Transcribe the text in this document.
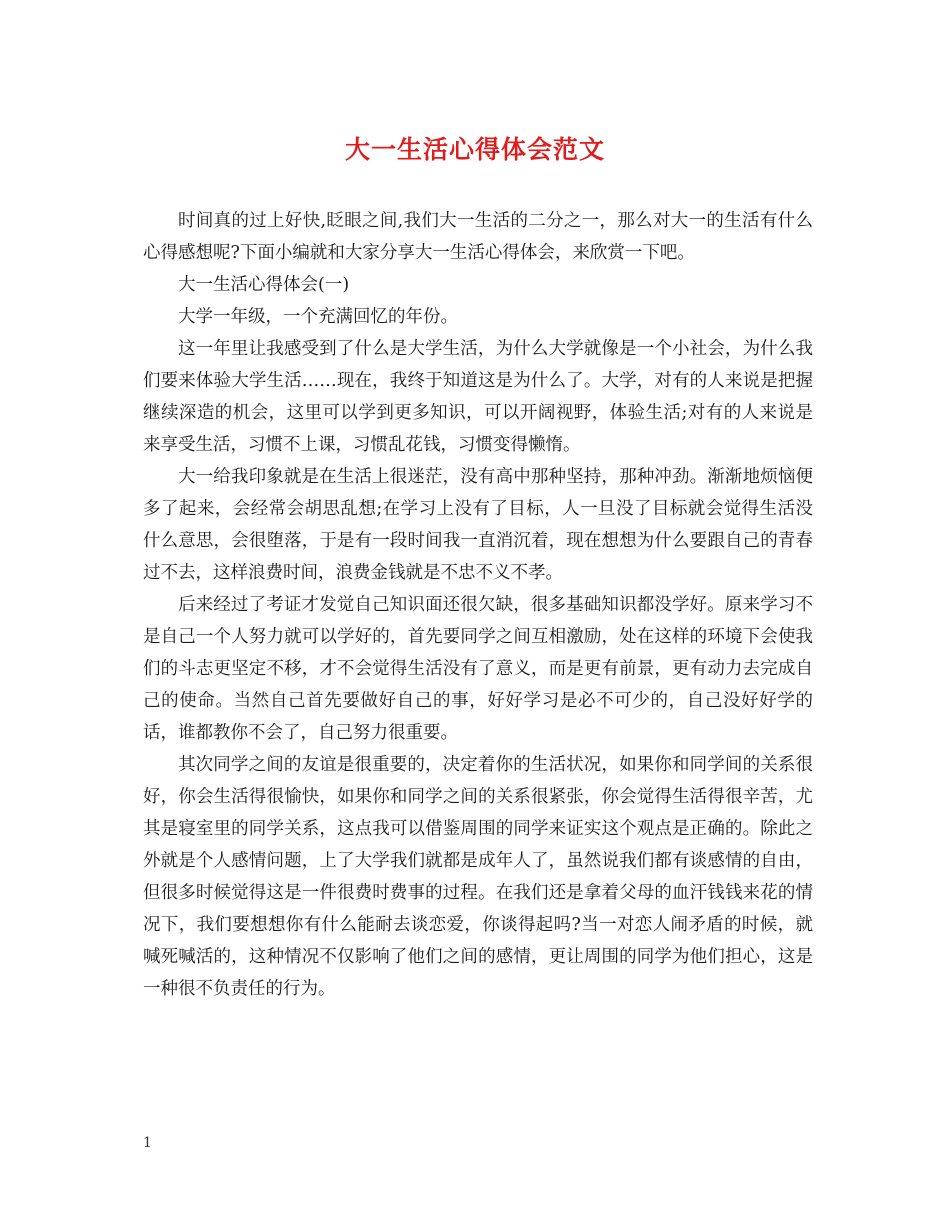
大一生活心得体会范文

时间真的过上好快,眨眼之间,我们大一生活的二分之一，那么对大一的生活有什么心得感想呢?下面小编就和大家分享大一生活心得体会，来欣赏一下吧。

大一生活心得体会(一)

大学一年级，一个充满回忆的年份。

这一年里让我感受到了什么是大学生活，为什么大学就像是一个小社会，为什么我们要来体验大学生活……现在，我终于知道这是为什么了。大学，对有的人来说是把握继续深造的机会，这里可以学到更多知识，可以开阔视野，体验生活;对有的人来说是来享受生活，习惯不上课，习惯乱花钱，习惯变得懒惰。

大一给我印象就是在生活上很迷茫，没有高中那种坚持，那种冲劲。渐渐地烦恼便多了起来，会经常会胡思乱想;在学习上没有了目标，人一旦没了目标就会觉得生活没什么意思，会很堕落，于是有一段时间我一直消沉着，现在想想为什么要跟自己的青春过不去，这样浪费时间，浪费金钱就是不忠不义不孝。

后来经过了考证才发觉自己知识面还很欠缺，很多基础知识都没学好。原来学习不是自己一个人努力就可以学好的，首先要同学之间互相激励，处在这样的环境下会使我们的斗志更坚定不移，才不会觉得生活没有了意义，而是更有前景，更有动力去完成自己的使命。当然自己首先要做好自己的事，好好学习是必不可少的，自己没好好学的话，谁都教你不会了，自己努力很重要。

其次同学之间的友谊是很重要的，决定着你的生活状况，如果你和同学间的关系很好，你会生活得很愉快，如果你和同学之间的关系很紧张，你会觉得生活得很辛苦，尤其是寝室里的同学关系，这点我可以借鉴周围的同学来证实这个观点是正确的。除此之外就是个人感情问题，上了大学我们就都是成年人了，虽然说我们都有谈感情的自由，但很多时候觉得这是一件很费时费事的过程。在我们还是拿着父母的血汗钱钱来花的情况下，我们要想想你有什么能耐去谈恋爱，你谈得起吗?当一对恋人闹矛盾的时候，就喊死喊活的，这种情况不仅影响了他们之间的感情，更让周围的同学为他们担心，这是一种很不负责任的行为。

1
